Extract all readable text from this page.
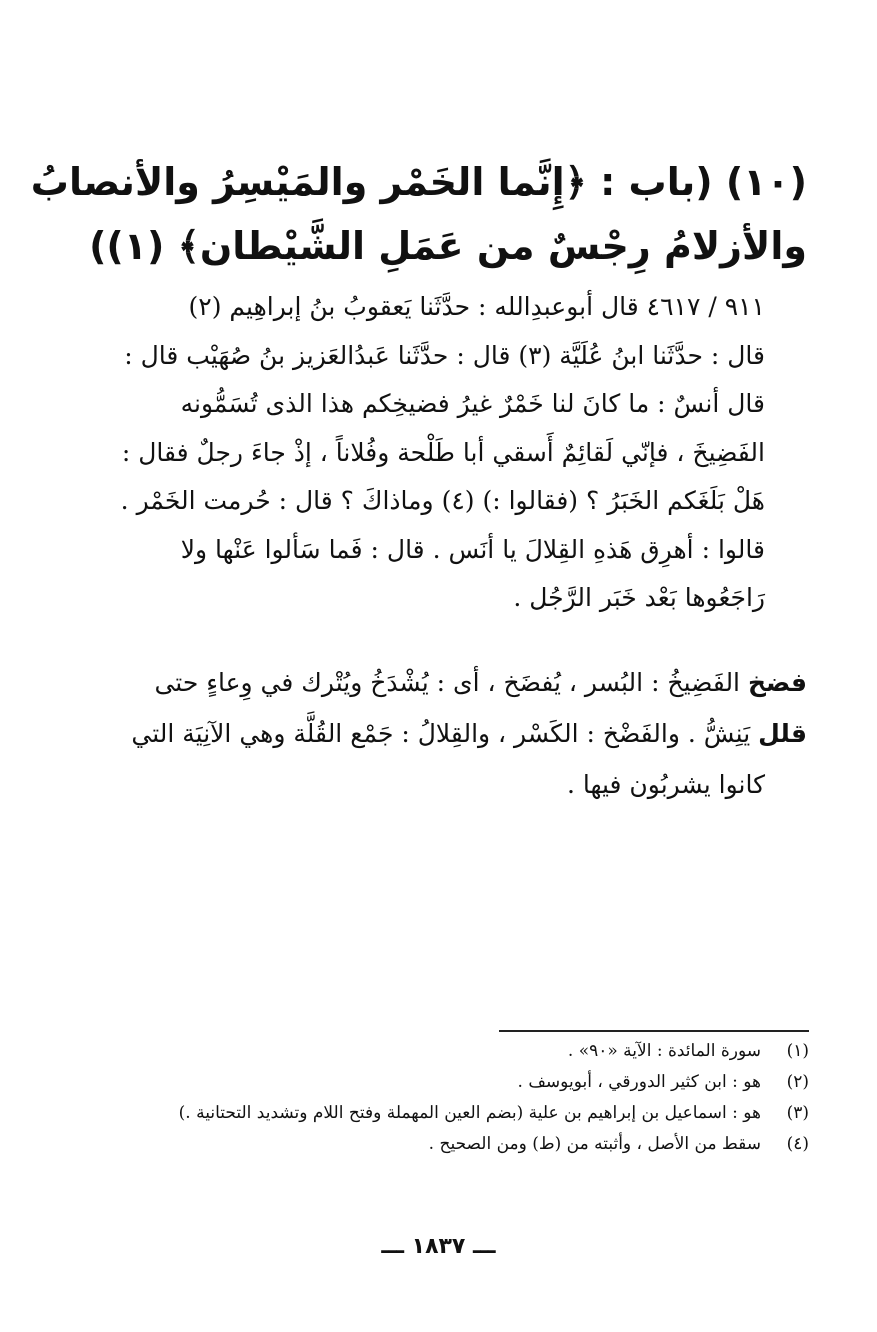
(١٠) (باب : ﴿إِنَّما الخَمْر والمَيْسِرُ والأنصابُ
والأزلامُ رِجْسٌ من عَمَلِ الشَّيْطان﴾ (١))
٩١١ / ٤٦١٧ قال أبوعبدِالله : حدَّثَنا يَعقوبُ بنُ إبراهِيم (٢)
قال : حدَّثَنا ابنُ عُلَيَّة (٣) قال : حدَّثَنا عَبدُالعَزيز بنُ صُهَيْب قال :
قال أنسٌ : ما كانَ لنا خَمْرٌ غيرُ فضيخِكم هذا الذى تُسَمُّونه
الفَضِيخَ ، فإنّي لَقائِمٌ أَسقي أبا طَلْحة وفُلاناً ، إذْ جاءَ رجلٌ فقال :
هَلْ بَلَغَكم الخَبَرُ ؟ (فقالوا :) (٤) وماذاكَ ؟ قال : حُرمت الخَمْر .
قالوا : أهرِق هَذهِ القِلالَ يا أنَس . قال : فَما سَألوا عَنْها ولا
رَاجَعُوها بَعْد خَبَر الرَّجُل .
فضخ الفَضِيخُ : البُسر ، يُفضَخ ، أى : يُشْدَخُ ويُتْرك في وِعاءٍ حتى
قلل يَنِشُّ . والفَضْخ : الكَسْر ، والقِلالُ : جَمْع القُلَّة وهي الآنِيَة التي
كانوا يشربُون فيها .
(١)
سورة المائدة : الآية «٩٠» .
(٢)
هو : ابن كثير الدورقي ، أبويوسف .
(٣)
هو : اسماعيل بن إبراهيم بن علية (بضم العين المهملة وفتح اللام وتشديد التحتانية .)
(٤)
سقط من الأصل ، وأثبته من (ط) ومن الصحيح .
ـــ ١٨٣٧ ـــ
